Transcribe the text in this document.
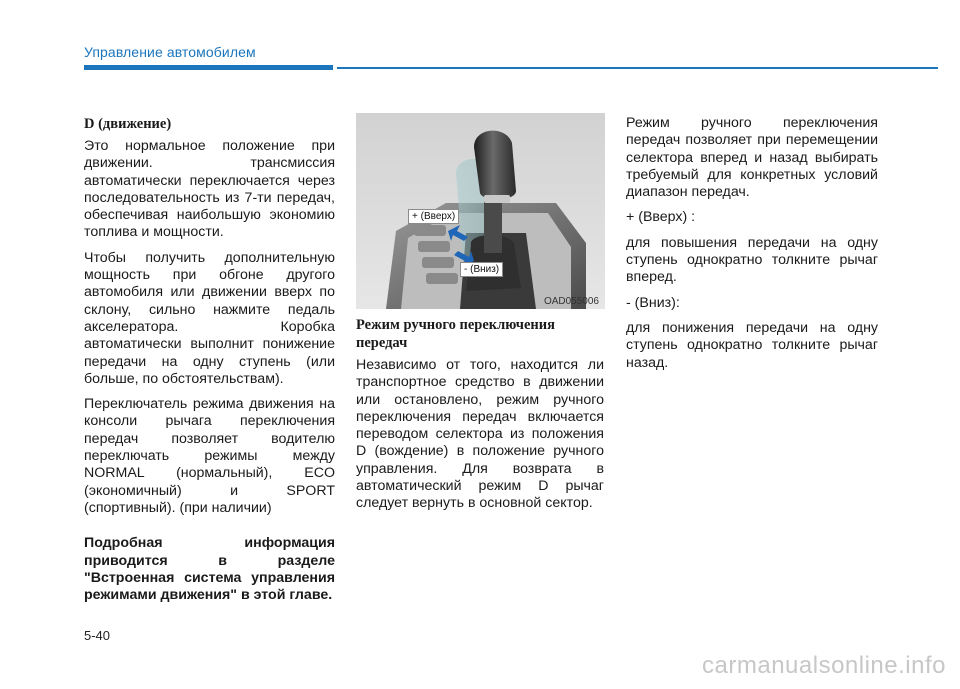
Управление автомобилем
D (движение)

Это нормальное положение при движении. трансмиссия автоматически переключается через последовательность из 7-ти передач, обеспечивая наибольшую экономию топлива и мощности.

Чтобы получить дополнительную мощность при обгоне другого автомобиля или движении вверх по склону, сильно нажмите педаль акселератора. Коробка автоматически выполнит понижение передачи на одну ступень (или больше, по обстоятельствам).

Переключатель режима движения на консоли рычага переключения передач позволяет водителю переключать режимы между NORMAL (нормальный), ECO (экономичный) и SPORT (спортивный). (при наличии)

Подробная информация приводится в разделе "Встроенная система управления режимами движения" в этой главе.

+ (Вверх)
- (Вниз)
OAD055006
Режим ручного переключения передач

Независимо от того, находится ли транспортное средство в движении или остановлено, режим ручного переключения передач включается переводом селектора из положения D (вождение) в положение ручного управления. Для возврата в автоматический режим D рычаг следует вернуть в основной сектор.

Режим ручного переключения передач позволяет при перемещении селектора вперед и назад выбирать требуемый для конкретных условий диапазон передач.

+ (Вверх) :

для повышения передачи на одну ступень однократно толкните рычаг вперед.

- (Вниз):

для понижения передачи на одну ступень однократно толкните рычаг назад.

5-40
carmanualsonline.info
